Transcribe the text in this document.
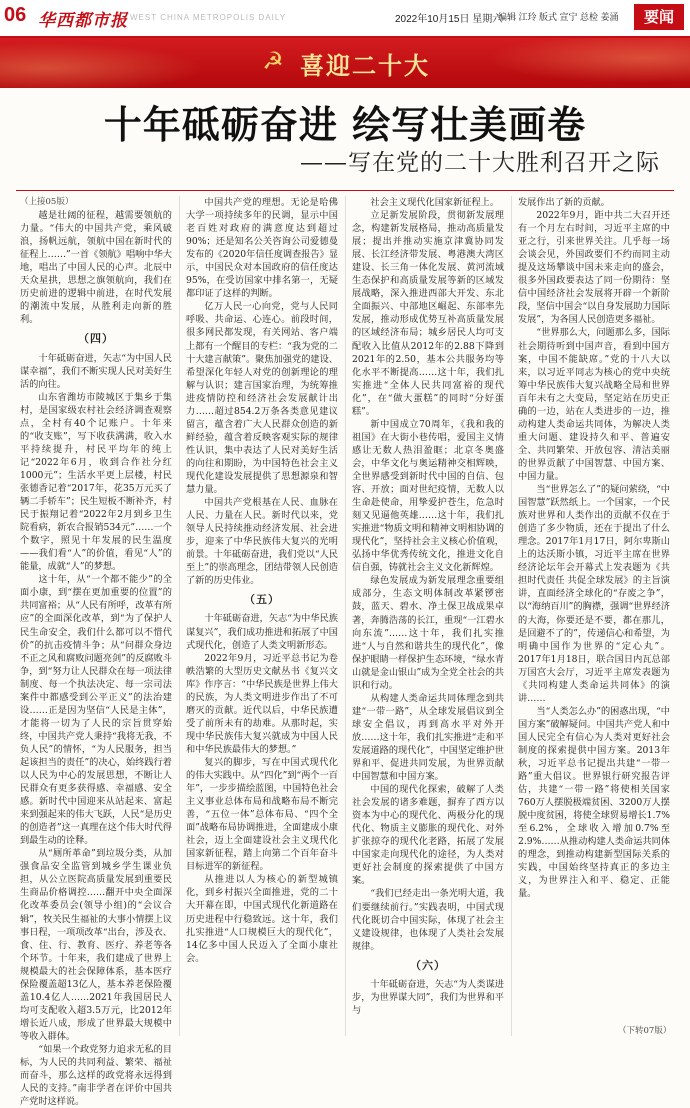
06 华西都市报 WEST CHINA METROPOLIS DAILY	2022年10月15日 星期六
编辑 江玲 版式 宣宁 总检 姜涌	要闻
☭ 喜迎二十大
十年砥砺奋进 绘写壮美画卷
——写在党的二十大胜利召开之际

（上接05版）

越是壮阔的征程，越需要领航的力量。“伟大的中国共产党，乘风破浪，扬帆远航，领航中国在新时代的征程上……”一首《领航》唱响中华大地，唱出了中国人民的心声。北辰中天众星拱，思想之旗领航向，我们在历史前进的逻辑中前进，在时代发展的潮流中发展，从胜利走向新的胜利。

（四）

十年砥砺奋进，矢志“为中国人民谋幸福”，我们不断实现人民对美好生活的向往。

山东省潍坊市陵城区于集乡于集村，是国家级农村社会经济调查观察点，全村有40个记账户。十年来的“收支账”，写下收获满满，收入水平持续提升，村民平均年的纯上记“2022年6月，收到合作社分红1000元”；生活水平更上层楼，村民张德香记着“2017年，花35万元买了辆二手轿车”；民生短板不断补齐，村民于振翔记着“2022年2月到乡卫生院看病，新农合报销534元”……一个个数字，照见十年发展的民生温度——我们看“人”的价值，看见“人”的能量，成就“人”的梦想。

这十年，从“一个都不能少”的全面小康，到“摆在更加重要的位置”的共同富裕；从“人民有所呼，改革有所应”的全面深化改革，到“为了保护人民生命安全，我们什么都可以不惜代价”的抗击疫情斗争；从“问群众身边不正之风和腐败问题亮剑”的反腐败斗争，到“努力让人民群众在每一项法律制度、每一个执法决定、每一宗司法案件中都感受到公平正义”的法治建设……正是因为坚信“人民是主体”，才能将一切为了人民的宗旨贯穿始终，中国共产党人秉持“我将无我，不负人民”的情怀，“为人民服务，担当起该担当的责任”的决心，始终践行着以人民为中心的发展思想，不断让人民群众有更多获得感、幸福感、安全感。新时代中国迎来从站起来、富起来到强起来的伟大飞跃，人民“是历史的创造者”这一真理在这个伟大时代得到最生动的诠释。

从“厕所革命”到垃圾分类，从加强食品安全监管到城乡学生课业负担，从公立医院高质量发展到重要民生商品价格调控……翻开中央全面深化改革委员会(领导小组)的“会议合辑”，牧关民生福祉的大事小情摆上议事日程，一项项改革“出台，涉及衣、食、住、行、教育、医疗、养老等各个环节。十年来，我们建成了世界上规模最大的社会保障体系，基本医疗保险覆盖超13亿人，基本养老保险覆盖10.4亿人……2021年我国居民人均可支配收入超3.5万元，比2012年增长近八成，形成了世界最大规模中等收入群体。

“如果一个政党努力追求无私的目标，为人民的共同利益、繁荣、福祉而奋斗，那么这样的政党将永远得到人民的支持。”南非学者在评价中国共产党时这样说。

中国共产党的理想。无论是哈佛大学一项持续多年的民调，显示中国老百姓对政府的满意度达到超过90%；还是知名公关咨询公司爱德曼发布的《2020年信任度调查报告》显示，中国民众对本国政府的信任度达95%，在受访国家中排名第一，无疑都印证了这样的判断。

亿万人民一心向党，党与人民同呼吸、共命运、心连心。前段时间，很多网民都发现，有关网站、客户端上都有一个醒目的专栏：“我为党的二十大建言献策”。聚焦加强党的建设、希望深化年轻人对党的创新理论的理解与认识；建言国家治理，为统筹推进疫情防控和经济社会发展献计出力……超过854.2万条各类意见建议留言，蕴含着广大人民群众创造的新鲜经验，蕴含着反映客观实际的规律性认识，集中表达了人民对美好生活的向往和期盼，为中国特色社会主义现代化建设发展提供了思想源泉和智慧力量。

中国共产党根基在人民、血脉在人民、力量在人民。新时代以来，党领导人民持续推动经济发展、社会进步，迎来了中华民族伟大复兴的光明前景。十年砥砺奋进，我们党以“人民至上”的崇高理念，团结带领人民创造了新的历史伟业。

（五）

十年砥砺奋进，矢志“为中华民族谋复兴”，我们成功推进和拓展了中国式现代化，创造了人类文明新形态。

2022年9月，习近平总书记为卷帙浩繁的大型历史文献丛书《复兴文库》作序言：“中华民族是世界上伟大的民族，为人类文明进步作出了不可磨灭的贡献。近代以后，中华民族遭受了前所未有的劫难。从那时起，实现中华民族伟大复兴就成为中国人民和中华民族最伟大的梦想。”

复兴的脚步，写在中国式现代化的伟大实践中。从“四化”到“两个一百年”，一步步描绘蓝图，中国特色社会主义事业总体布局和战略布局不断完善，“五位一体”总体布局、“四个全面”战略布局协调推进，全面建成小康社会，迈上全面建设社会主义现代化国家新征程，踏上向第二个百年奋斗目标进军的新征程。

从推进以人为核心的新型城镇化，到乡村振兴全面推进，党的二十大开幕在即，中国式现代化新道路在历史进程中行稳致远。这十年，我们扎实推进“人口规模巨大的现代化”，14亿多中国人民迈入了全面小康社会。

社会主义现代化国家新征程上。

立足新发展阶段，贯彻新发展理念，构建新发展格局，推动高质量发展；提出并推动实施京津冀协同发展、长江经济带发展、粤港澳大湾区建设、长三角一体化发展、黄河流域生态保护和高质量发展等新的区域发展战略，深入推进西部大开发、东北全面振兴、中部地区崛起、东部率先发展，推动形成优势互补高质量发展的区域经济布局；城乡居民人均可支配收入比值从2012年的2.88下降到2021年的2.50，基本公共服务均等化水平不断提高……这十年，我们扎实推进“全体人民共同富裕的现代化”，在“做大蛋糕”的同时“分好蛋糕”。

新中国成立70周年，《我和我的祖国》在大街小巷传唱，爱国主义情感让无数人热泪盈眶；北京冬奥盛会，中华文化与奥运精神交相辉映，全世界感受到新时代中国的自信、包容、开放；面对世纪疫情，无数人以生命赴使命，用挚爱护苍生，危急时刻又见逼他英雄……这十年，我们扎实推进“物质文明和精神文明相协调的现代化”，坚持社会主义核心价值观，弘扬中华优秀传统文化，推进文化自信自强，铸就社会主义文化新辉煌。

绿色发展成为新发展理念重要组成部分，生态文明体制改革紧锣密鼓，蓝天、碧水、净土保卫战成果卓著，奔腾浩荡的长江，重现“一江碧水向东流”……这十年，我们扎实推进“人与自然和谐共生的现代化”，像保护眼睛一样保护生态环境，“绿水青山就是金山银山”成为全党全社会的共识和行动。

从构建人类命运共同体理念到共建“一带一路”，从全球发展倡议到全球安全倡议，再到高水平对外开放……这十年，我们扎实推进“走和平发展道路的现代化”，中国坚定维护世界和平、促进共同发展，为世界贡献中国智慧和中国方案。

中国的现代化探索，破解了人类社会发展的诸多难题，摒弃了西方以资本为中心的现代化、两极分化的现代化、物质主义膨胀的现代化、对外扩张掠夺的现代化老路，拓展了发展中国家走向现代化的途径，为人类对更好社会制度的探索提供了中国方案。

“我们已经走出一条光明大道，我们要继续前行。”实践表明，中国式现代化既切合中国实际，体现了社会主义建设规律，也体现了人类社会发展规律。

（六）

十年砥砺奋进，矢志“为人类谋进步，为世界谋大同”，我们为世界和平与

发展作出了新的贡献。

2022年9月，距中共二大召开还有一个月左右时间，习近平主席的中亚之行，引来世界关注。几乎每一场会谈会见，外国政要们不约而同主动提及这场攀谈中国未来走向的盛会，很多外国政要表达了同一份期待：坚信中国经济社会发展将开辟一个新阶段，坚信中国会“以自身发展助力国际发展”，为各国人民创造更多福祉。

“世界那么大，问题那么多，国际社会期待听到中国声音，看到中国方案，中国不能缺席。”党的十八大以来，以习近平同志为核心的党中央统筹中华民族伟大复兴战略全局和世界百年未有之大变局，坚定站在历史正确的一边，站在人类进步的一边，推动构建人类命运共同体，为解决人类重大问题、建设持久和平、普遍安全、共同繁荣、开放包容、清洁美丽的世界贡献了中国智慧、中国方案、中国力量。

当“世界怎么了”的疑问萦绕，“中国智慧”跃然纸上。一个国家，一个民族对世界和人类作出的贡献不仅在于创造了多少物质，还在于提出了什么理念。2017年1月17日，阿尔卑斯山上的达沃斯小镇，习近平主席在世界经济论坛年会开幕式上发表题为《共担时代责任 共促全球发展》的主旨演讲，直面经济全球化的“存废之争”，以“海纳百川”的胸襟，强调“世界经济的大海，你要还是不要，都在那儿，是回避不了的”，传递信心和希望，为明确中国作为世界的“定心丸”。2017年1月18日，联合国日内瓦总部万国宫大会厅，习近平主席发表题为《共同构建人类命运共同体》的演讲……

当“人类怎么办”的困惑出现，“中国方案”破解疑问。中国共产党人和中国人民完全有信心为人类对更好社会制度的探索提供中国方案。2013年秋，习近平总书记提出共建“一带一路”重大倡议。世界银行研究报告评估，共建“一带一路”将使相关国家760万人摆脱极端贫困、3200万人摆脱中度贫困，将使全球贸易增长1.7%至6.2%，全球收入增加0.7%至2.9%……从推动构建人类命运共同体的理念，到推动构建新型国际关系的实践，中国始终坚持真正的多边主义，为世界注入和平、稳定、正能量。

（下转07版）
